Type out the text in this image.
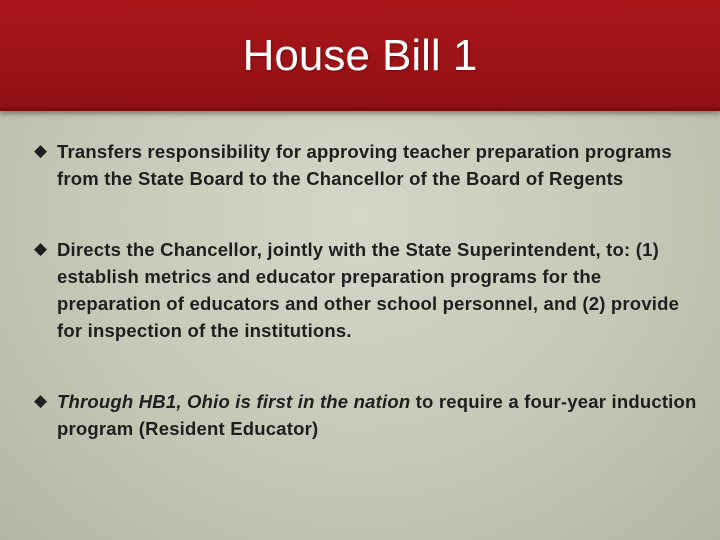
House Bill 1
◆ Transfers responsibility for approving teacher preparation programs from the State Board to the Chancellor of the Board of Regents
◆ Directs the Chancellor, jointly with the State Superintendent, to: (1) establish metrics and educator preparation programs for the preparation of educators and other school personnel, and (2) provide for inspection of the institutions.
◆ Through HB1, Ohio is first in the nation to require a four-year induction program (Resident Educator)
